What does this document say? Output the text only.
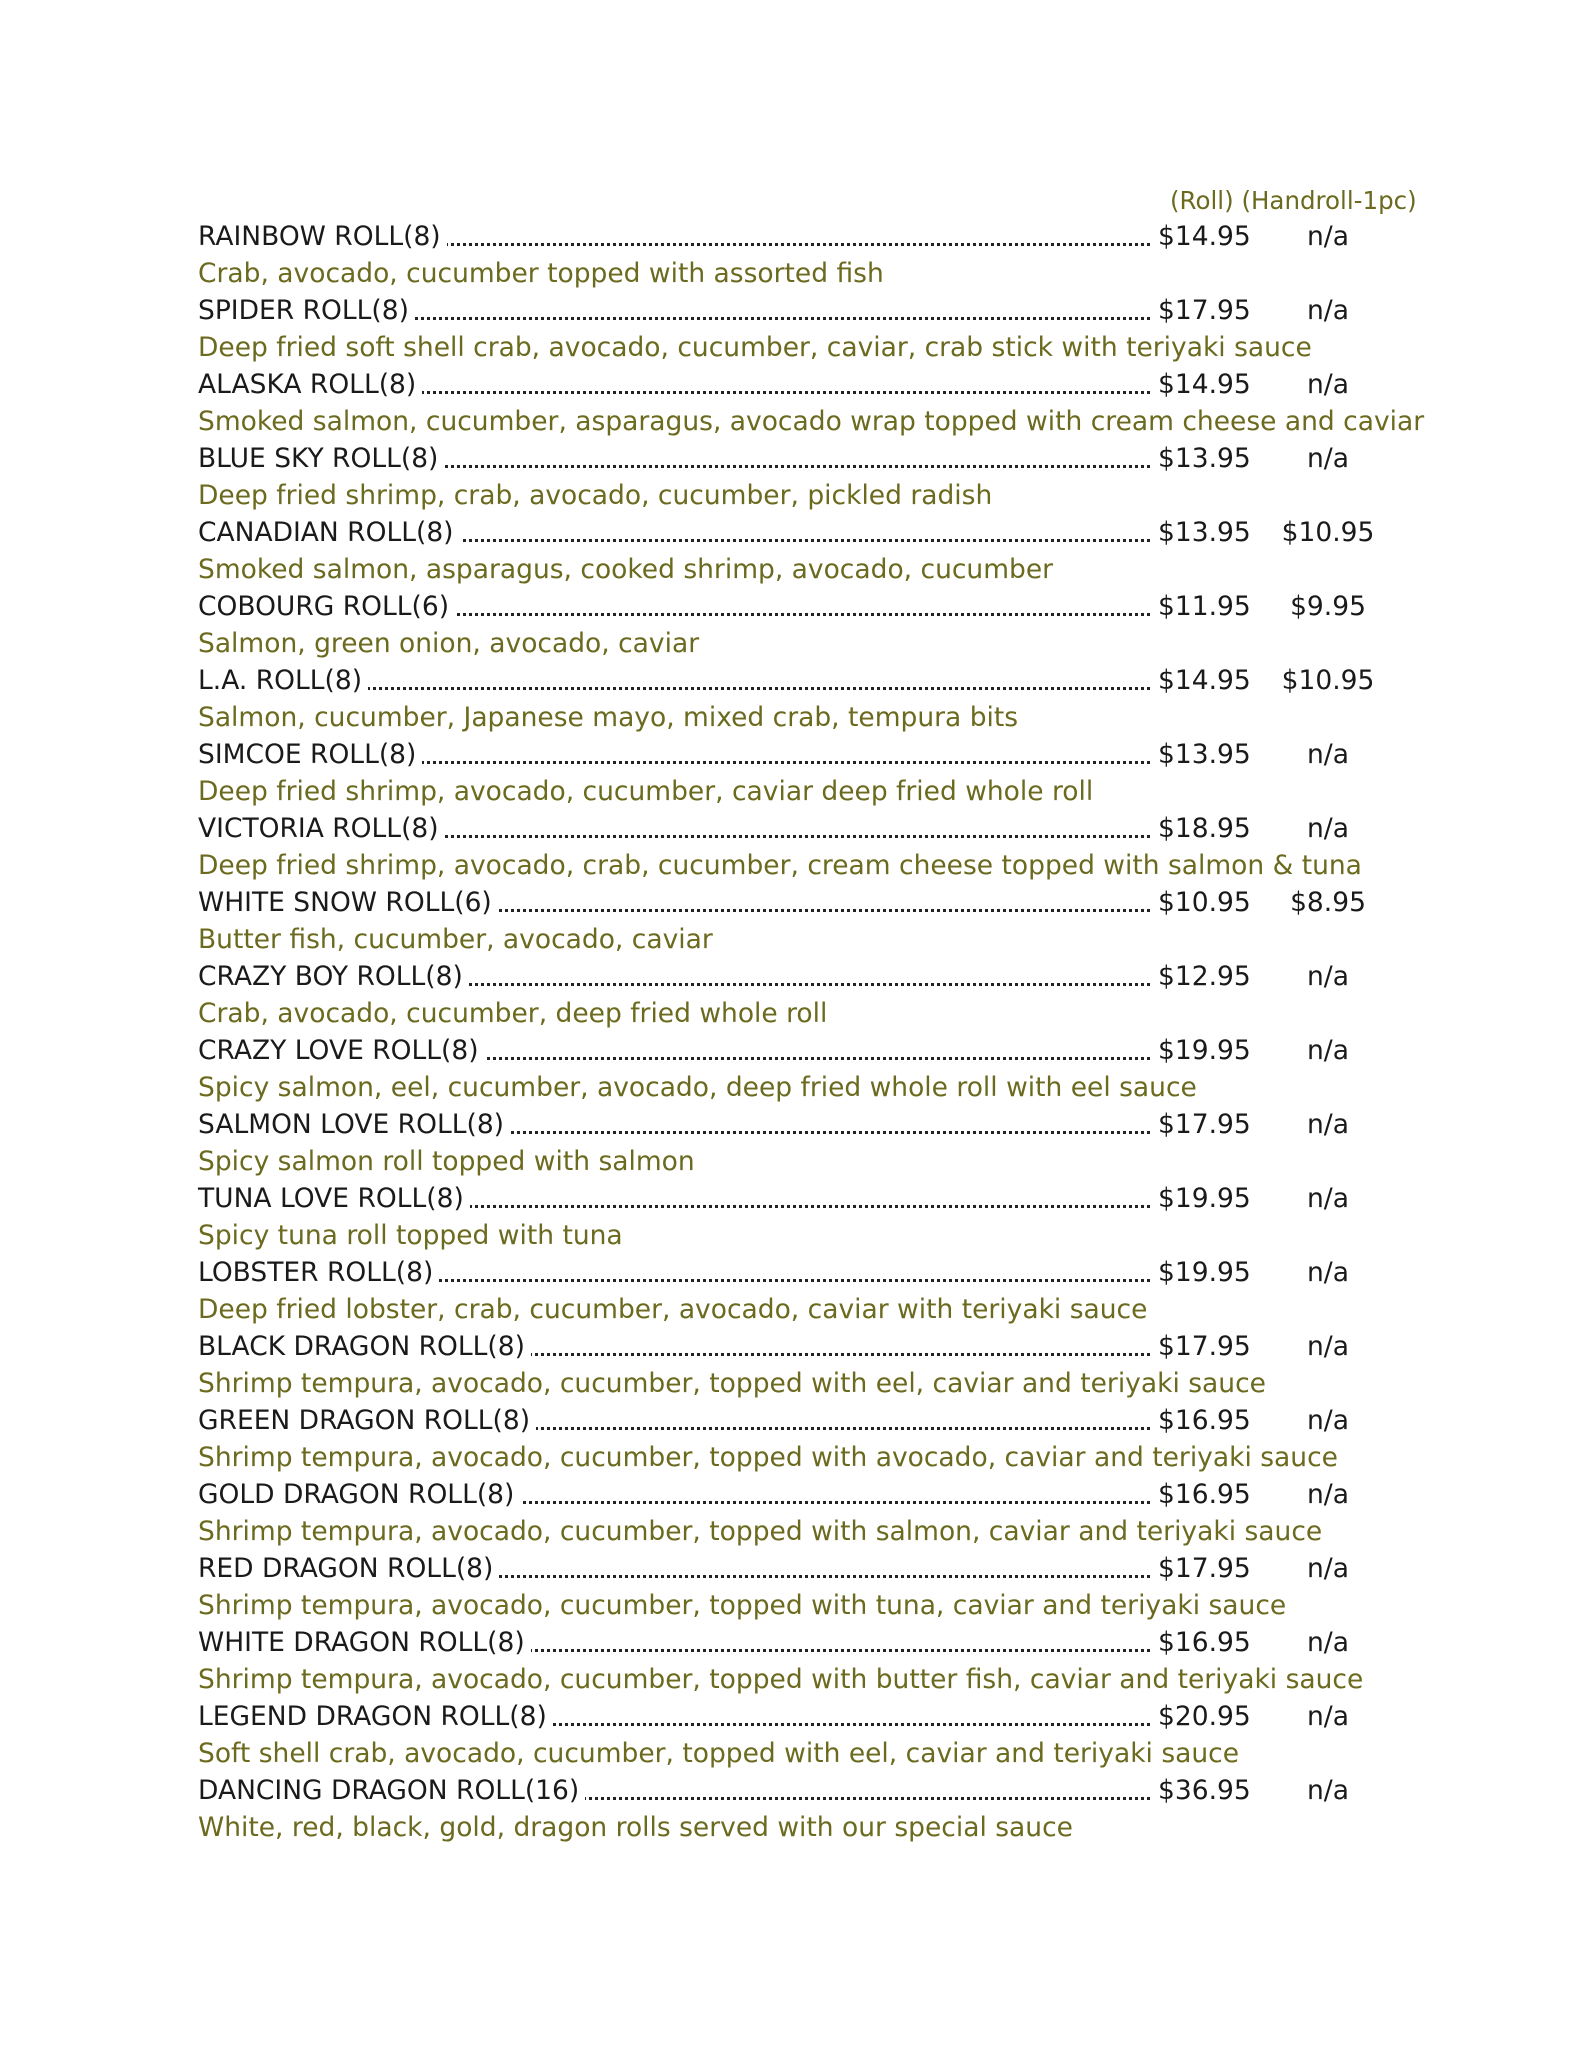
(Roll) (Handroll-1pc)
RAINBOW ROLL(8)	$14.95	n/a
Crab, avocado, cucumber topped with assorted fish
SPIDER ROLL(8)	$17.95	n/a
Deep fried soft shell crab, avocado, cucumber, caviar, crab stick with teriyaki sauce
ALASKA ROLL(8)	$14.95	n/a
Smoked salmon, cucumber, asparagus, avocado wrap topped with cream cheese and caviar
BLUE SKY ROLL(8)	$13.95	n/a
Deep fried shrimp, crab, avocado, cucumber, pickled radish
CANADIAN ROLL(8)	$13.95	$10.95
Smoked salmon, asparagus, cooked shrimp, avocado, cucumber
COBOURG ROLL(6)	$11.95	$9.95
Salmon, green onion, avocado, caviar
L.A. ROLL(8)	$14.95	$10.95
Salmon, cucumber, Japanese mayo, mixed crab, tempura bits
SIMCOE ROLL(8)	$13.95	n/a
Deep fried shrimp, avocado, cucumber, caviar deep fried whole roll
VICTORIA ROLL(8)	$18.95	n/a
Deep fried shrimp, avocado, crab, cucumber, cream cheese topped with salmon & tuna
WHITE SNOW ROLL(6)	$10.95	$8.95
Butter fish, cucumber, avocado, caviar
CRAZY BOY ROLL(8)	$12.95	n/a
Crab, avocado, cucumber, deep fried whole roll
CRAZY LOVE ROLL(8)	$19.95	n/a
Spicy salmon, eel, cucumber, avocado, deep fried whole roll with eel sauce
SALMON LOVE ROLL(8)	$17.95	n/a
Spicy salmon roll topped with salmon
TUNA LOVE ROLL(8)	$19.95	n/a
Spicy tuna roll topped with tuna
LOBSTER ROLL(8)	$19.95	n/a
Deep fried lobster, crab, cucumber, avocado, caviar with teriyaki sauce
BLACK DRAGON ROLL(8)	$17.95	n/a
Shrimp tempura, avocado, cucumber, topped with eel, caviar and teriyaki sauce
GREEN DRAGON ROLL(8)	$16.95	n/a
Shrimp tempura, avocado, cucumber, topped with avocado, caviar and teriyaki sauce
GOLD DRAGON ROLL(8)	$16.95	n/a
Shrimp tempura, avocado, cucumber, topped with salmon, caviar and teriyaki sauce
RED DRAGON ROLL(8)	$17.95	n/a
Shrimp tempura, avocado, cucumber, topped with tuna, caviar and teriyaki sauce
WHITE DRAGON ROLL(8)	$16.95	n/a
Shrimp tempura, avocado, cucumber, topped with butter fish, caviar and teriyaki sauce
LEGEND DRAGON ROLL(8)	$20.95	n/a
Soft shell crab, avocado, cucumber, topped with eel, caviar and teriyaki sauce
DANCING DRAGON ROLL(16)	$36.95	n/a
White, red, black, gold, dragon rolls served with our special sauce
